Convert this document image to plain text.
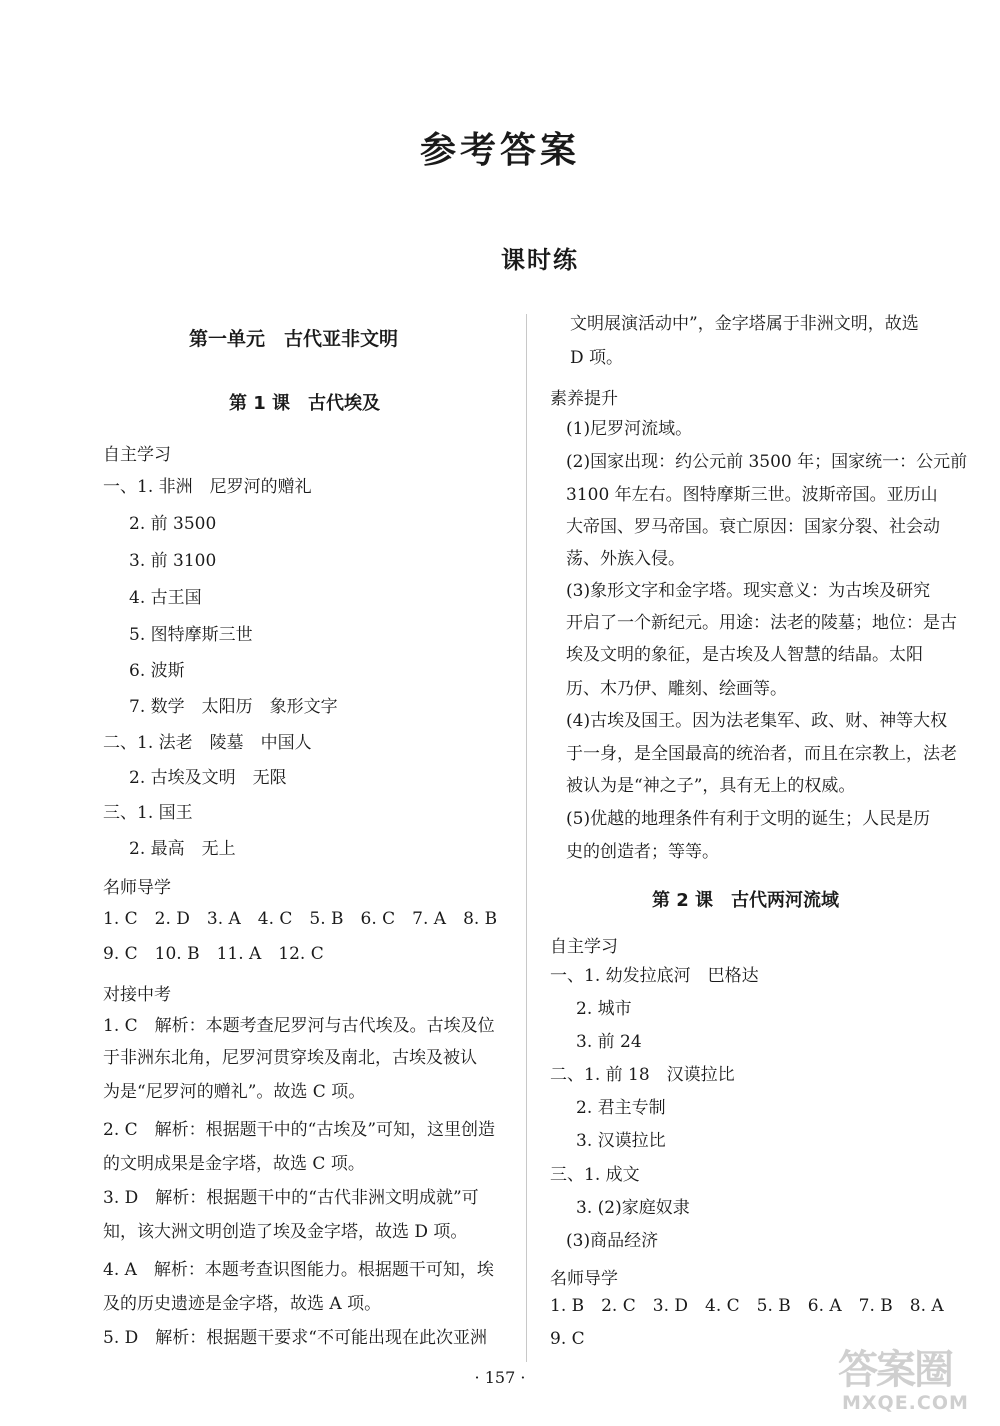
参考答案
课时练
第一单元　古代亚非文明
第 1 课　古代埃及
自主学习
一、1. 非洲　尼罗河的赠礼
2. 前 3500
3. 前 3100
4. 古王国
5. 图特摩斯三世
6. 波斯
7. 数学　太阳历　象形文字
二、1. 法老　陵墓　中国人
2. 古埃及文明　无限
三、1. 国王
2. 最高　无上
名师导学
1. C　2. D　3. A　4. C　5. B　6. C　7. A　8. B
9. C　10. B　11. A　12. C
对接中考
1. C　解析：本题考查尼罗河与古代埃及。古埃及位
于非洲东北角，尼罗河贯穿埃及南北，古埃及被认
为是“尼罗河的赠礼”。故选 C 项。
2. C　解析：根据题干中的“古埃及”可知，这里创造
的文明成果是金字塔，故选 C 项。
3. D　解析：根据题干中的“古代非洲文明成就”可
知，该大洲文明创造了埃及金字塔，故选 D 项。
4. A　解析：本题考查识图能力。根据题干可知，埃
及的历史遗迹是金字塔，故选 A 项。
5. D　解析：根据题干要求“不可能出现在此次亚洲
文明展演活动中”，金字塔属于非洲文明，故选
D 项。
素养提升
(1)尼罗河流域。
(2)国家出现：约公元前 3500 年；国家统一：公元前
3100 年左右。图特摩斯三世。波斯帝国。亚历山
大帝国、罗马帝国。衰亡原因：国家分裂、社会动
荡、外族入侵。
(3)象形文字和金字塔。现实意义：为古埃及研究
开启了一个新纪元。用途：法老的陵墓；地位：是古
埃及文明的象征，是古埃及人智慧的结晶。太阳
历、木乃伊、雕刻、绘画等。
(4)古埃及国王。因为法老集军、政、财、神等大权
于一身，是全国最高的统治者，而且在宗教上，法老
被认为是“神之子”，具有无上的权威。
(5)优越的地理条件有利于文明的诞生；人民是历
史的创造者；等等。
第 2 课　古代两河流域
自主学习
一、1. 幼发拉底河　巴格达
2. 城市
3. 前 24
二、1. 前 18　汉谟拉比
2. 君主专制
3. 汉谟拉比
三、1. 成文
3. (2)家庭奴隶
(3)商品经济
名师导学
1. B　2. C　3. D　4. C　5. B　6. A　7. B　8. A
9. C
· 157 ·	答案圈
MXQE.COM
